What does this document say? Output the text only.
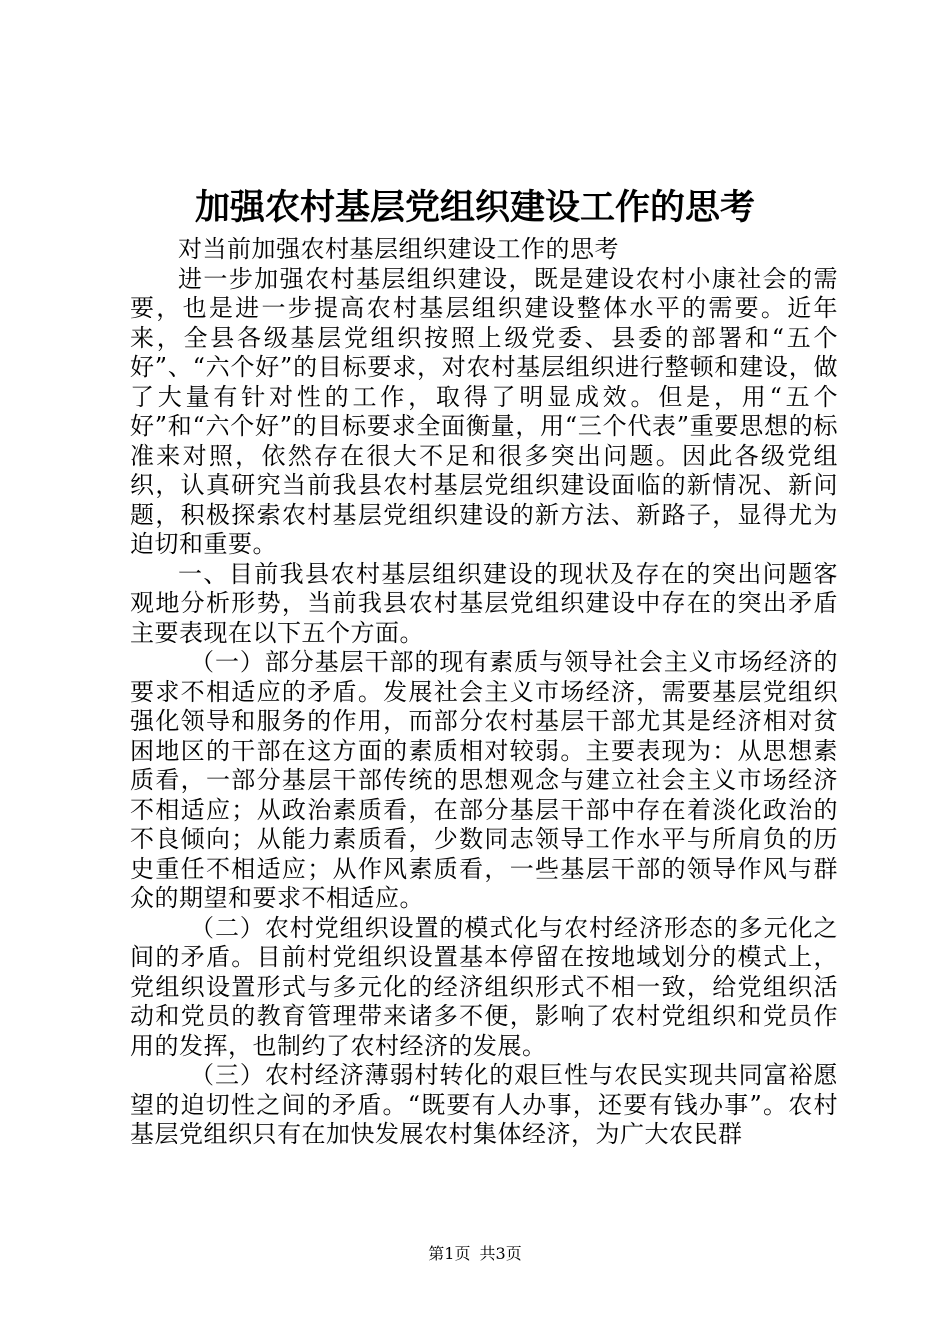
加强农村基层党组织建设工作的思考

对当前加强农村基层组织建设工作的思考

进一步加强农村基层组织建设，既是建设农村小康社会的需要，也是进一步提高农村基层组织建设整体水平的需要。近年来，全县各级基层党组织按照上级党委、县委的部署和“五个好”、“六个好”的目标要求，对农村基层组织进行整顿和建设，做了大量有针对性的工作，取得了明显成效。但是，用“五个好”和“六个好”的目标要求全面衡量，用“三个代表”重要思想的标准来对照，依然存在很大不足和很多突出问题。因此各级党组织，认真研究当前我县农村基层党组织建设面临的新情况、新问题，积极探索农村基层党组织建设的新方法、新路子，显得尤为迫切和重要。

一、目前我县农村基层组织建设的现状及存在的突出问题客观地分析形势，当前我县农村基层党组织建设中存在的突出矛盾主要表现在以下五个方面。

（一）部分基层干部的现有素质与领导社会主义市场经济的要求不相适应的矛盾。发展社会主义市场经济，需要基层党组织强化领导和服务的作用，而部分农村基层干部尤其是经济相对贫困地区的干部在这方面的素质相对较弱。主要表现为：从思想素质看，一部分基层干部传统的思想观念与建立社会主义市场经济不相适应；从政治素质看，在部分基层干部中存在着淡化政治的不良倾向；从能力素质看，少数同志领导工作水平与所肩负的历史重任不相适应；从作风素质看，一些基层干部的领导作风与群众的期望和要求不相适应。

（二）农村党组织设置的模式化与农村经济形态的多元化之间的矛盾。目前村党组织设置基本停留在按地域划分的模式上，党组织设置形式与多元化的经济组织形式不相一致，给党组织活动和党员的教育管理带来诸多不便，影响了农村党组织和党员作用的发挥，也制约了农村经济的发展。

（三）农村经济薄弱村转化的艰巨性与农民实现共同富裕愿望的迫切性之间的矛盾。“既要有人办事，还要有钱办事”。农村基层党组织只有在加快发展农村集体经济，为广大农民群

第1页 共3页
